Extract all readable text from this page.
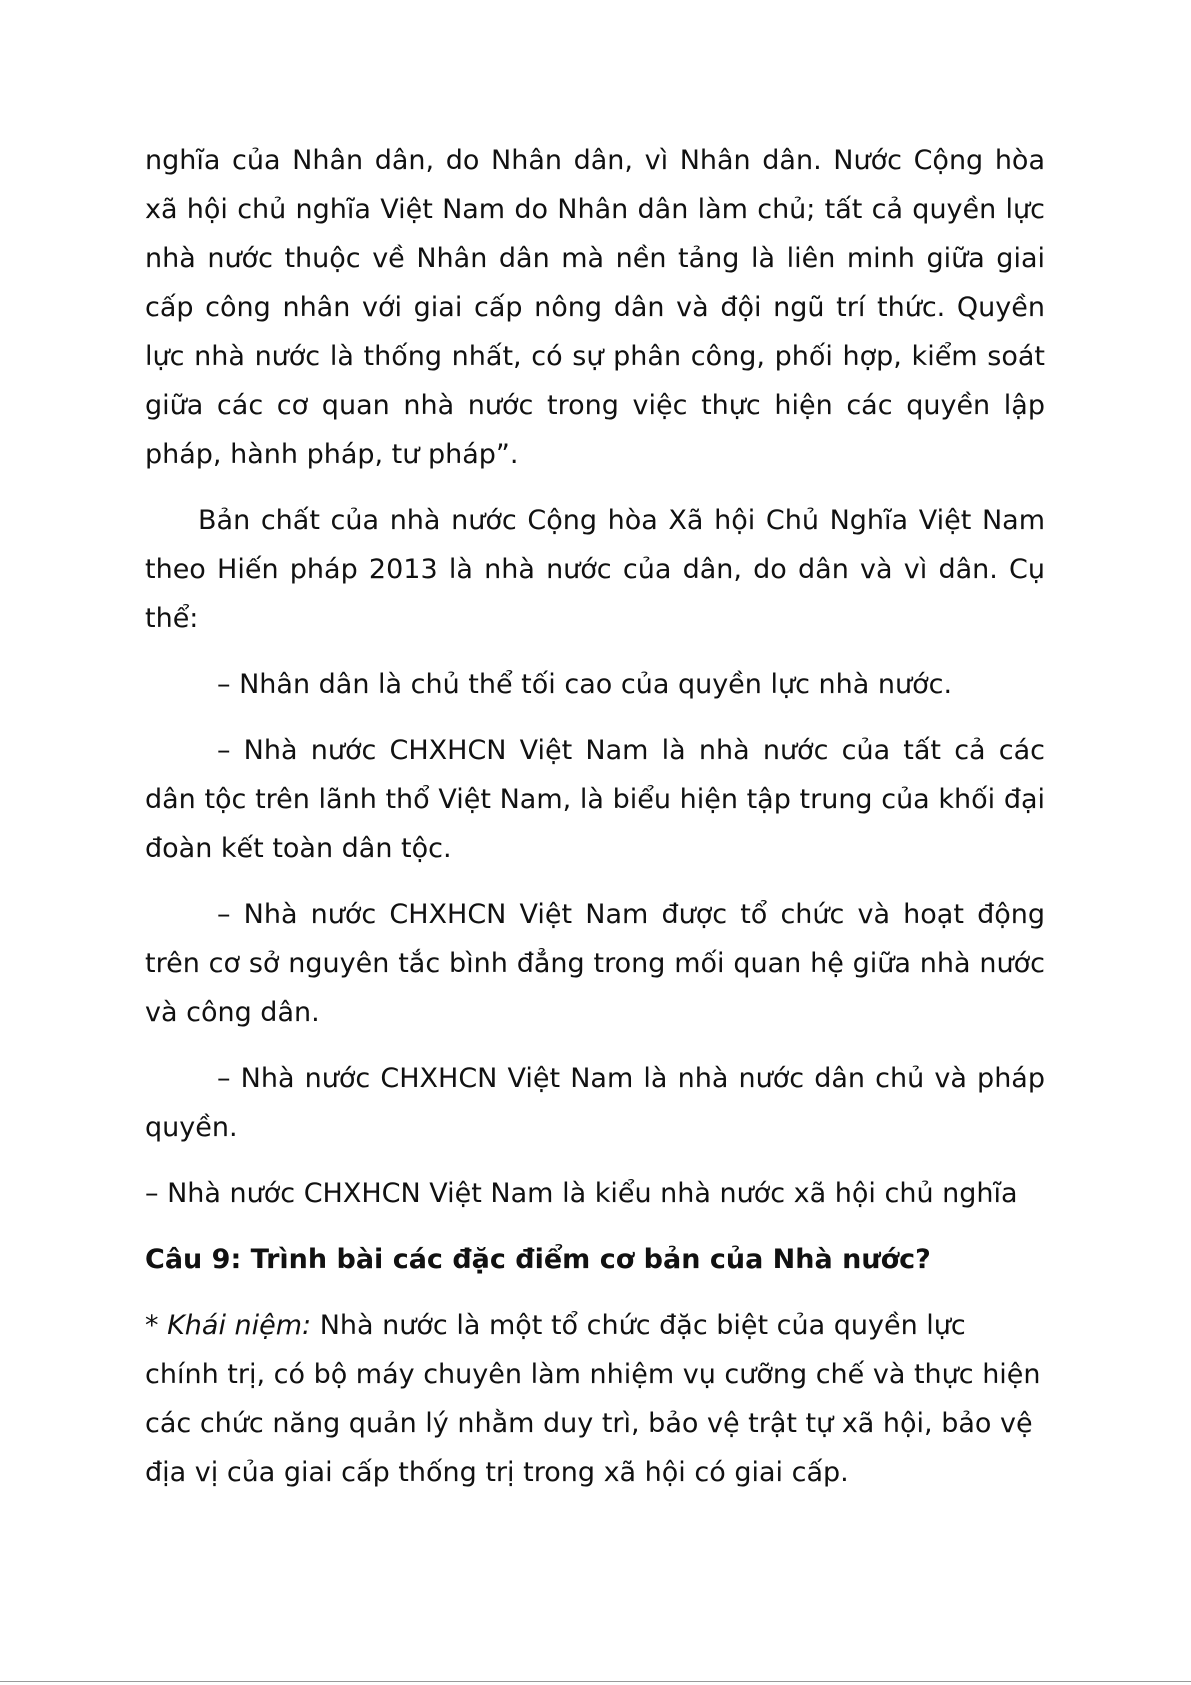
nghĩa của Nhân dân, do Nhân dân, vì Nhân dân. Nước Cộng hòa xã hội chủ nghĩa Việt Nam do Nhân dân làm chủ; tất cả quyền lực nhà nước thuộc về Nhân dân mà nền tảng là liên minh giữa giai cấp công nhân với giai cấp nông dân và đội ngũ trí thức. Quyền lực nhà nước là thống nhất, có sự phân công, phối hợp, kiểm soát giữa các cơ quan nhà nước trong việc thực hiện các quyền lập pháp, hành pháp, tư pháp”.

Bản chất của nhà nước Cộng hòa Xã hội Chủ Nghĩa Việt Nam theo Hiến pháp 2013 là nhà nước của dân, do dân và vì dân. Cụ thể:

– Nhân dân là chủ thể tối cao của quyền lực nhà nước.

– Nhà nước CHXHCN Việt Nam là nhà nước của tất cả các dân tộc trên lãnh thổ Việt Nam, là biểu hiện tập trung của khối đại đoàn kết toàn dân tộc.

– Nhà nước CHXHCN Việt Nam được tổ chức và hoạt động trên cơ sở nguyên tắc bình đẳng trong mối quan hệ giữa nhà nước và công dân.

– Nhà nước CHXHCN Việt Nam là nhà nước dân chủ và pháp quyền.

– Nhà nước CHXHCN Việt Nam là kiểu nhà nước xã hội chủ nghĩa

Câu 9: Trình bài các đặc điểm cơ bản của Nhà nước?

* Khái niệm: Nhà nước là một tổ chức đặc biệt của quyền lực chính trị, có bộ máy chuyên làm nhiệm vụ cưỡng chế và thực hiện các chức năng quản lý nhằm duy trì, bảo vệ trật tự xã hội, bảo vệ địa vị của giai cấp thống trị trong xã hội có giai cấp.
